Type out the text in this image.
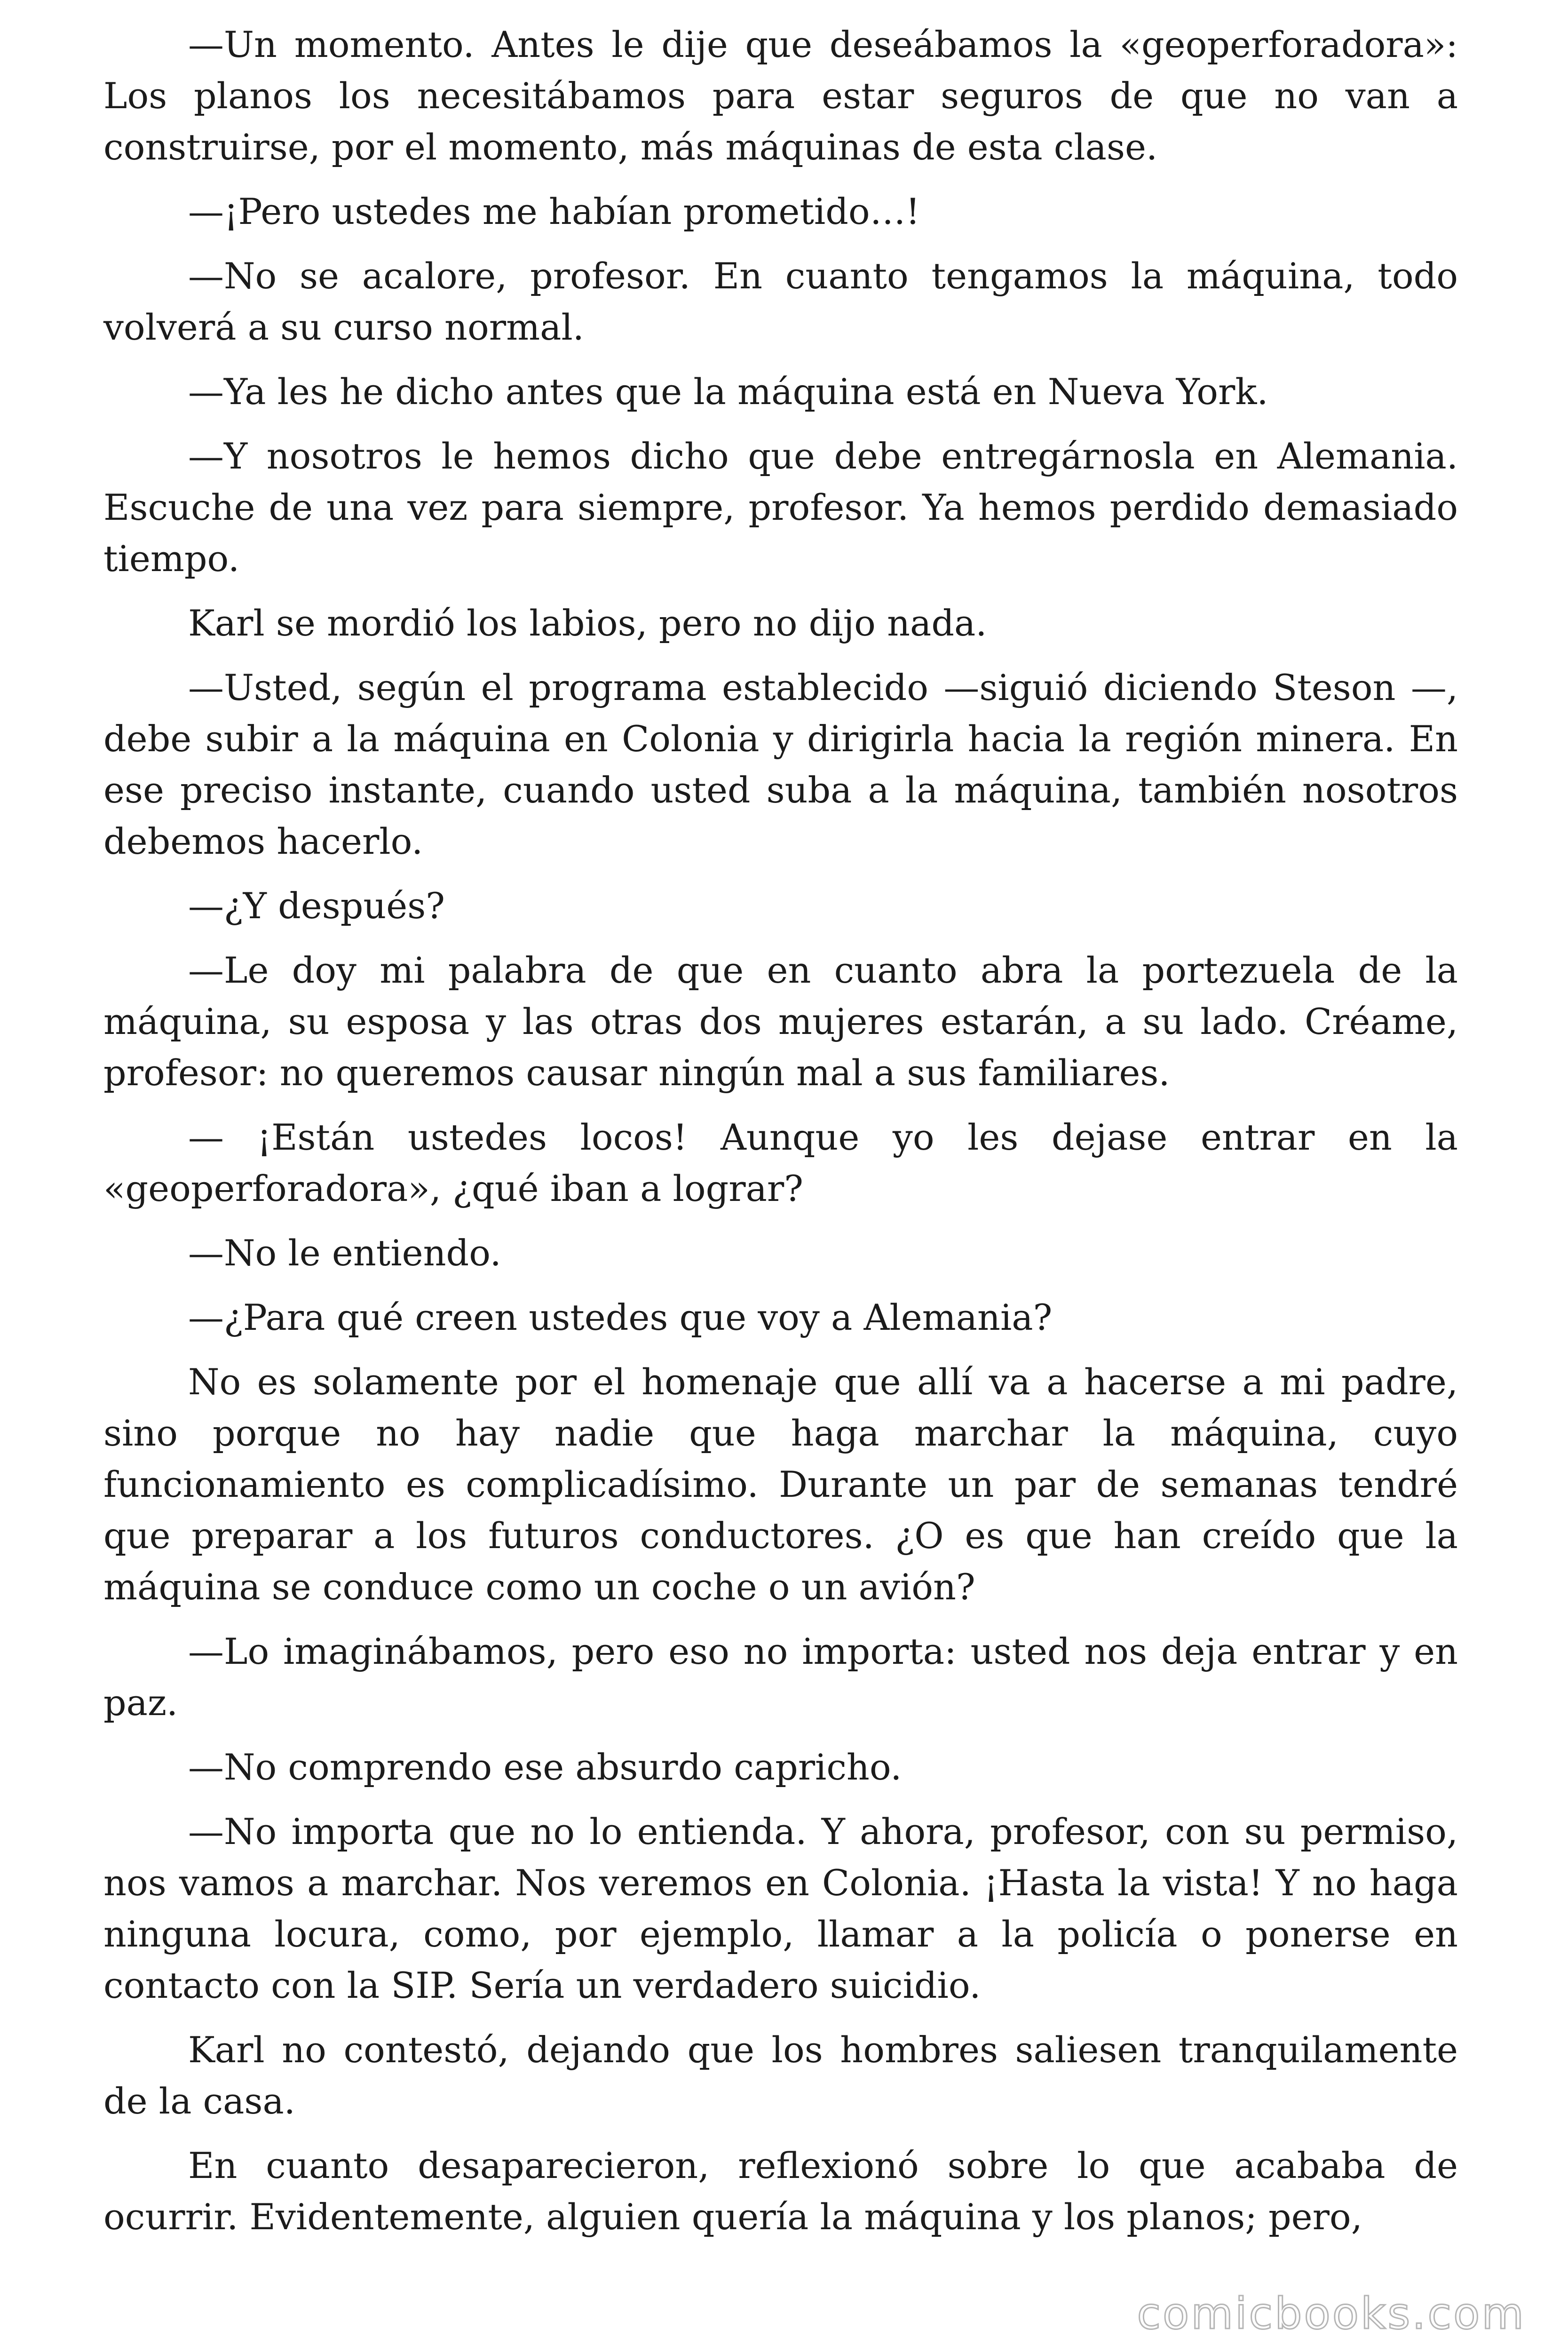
—Un momento. Antes le dije que deseábamos la «geoperforadora»: Los planos los necesitábamos para estar seguros de que no van a construirse, por el momento, más máquinas de esta clase.

—¡Pero ustedes me habían prometido…!

—No se acalore, profesor. En cuanto tengamos la máquina, todo volverá a su curso normal.

—Ya les he dicho antes que la máquina está en Nueva York.

—Y nosotros le hemos dicho que debe entregárnosla en Alemania. Escuche de una vez para siempre, profesor. Ya hemos perdido demasiado tiempo.

Karl se mordió los labios, pero no dijo nada.

—Usted, según el programa establecido —siguió diciendo Steson —, debe subir a la máquina en Colonia y dirigirla hacia la región minera. En ese preciso instante, cuando usted suba a la máquina, también nosotros debemos hacerlo.

—¿Y después?

—Le doy mi palabra de que en cuanto abra la portezuela de la máquina, su esposa y las otras dos mujeres estarán, a su lado. Créame, profesor: no queremos causar ningún mal a sus familiares.

— ¡Están ustedes locos! Aunque yo les dejase entrar en la «geoperforadora», ¿qué iban a lograr?

—No le entiendo.

—¿Para qué creen ustedes que voy a Alemania?

No es solamente por el homenaje que allí va a hacerse a mi padre, sino porque no hay nadie que haga marchar la máquina, cuyo funcionamiento es complicadísimo. Durante un par de semanas tendré que preparar a los futuros conductores. ¿O es que han creído que la máquina se conduce como un coche o un avión?

—Lo imaginábamos, pero eso no importa: usted nos deja entrar y en paz.

—No comprendo ese absurdo capricho.

—No importa que no lo entienda. Y ahora, profesor, con su permiso, nos vamos a marchar. Nos veremos en Colonia. ¡Hasta la vista! Y no haga ninguna locura, como, por ejemplo, llamar a la policía o ponerse en contacto con la SIP. Sería un verdadero suicidio.

Karl no contestó, dejando que los hombres saliesen tranquilamente de la casa.

En cuanto desaparecieron, reflexionó sobre lo que acababa de ocurrir. Evidentemente, alguien quería la máquina y los planos; pero,

comicbooks.com
